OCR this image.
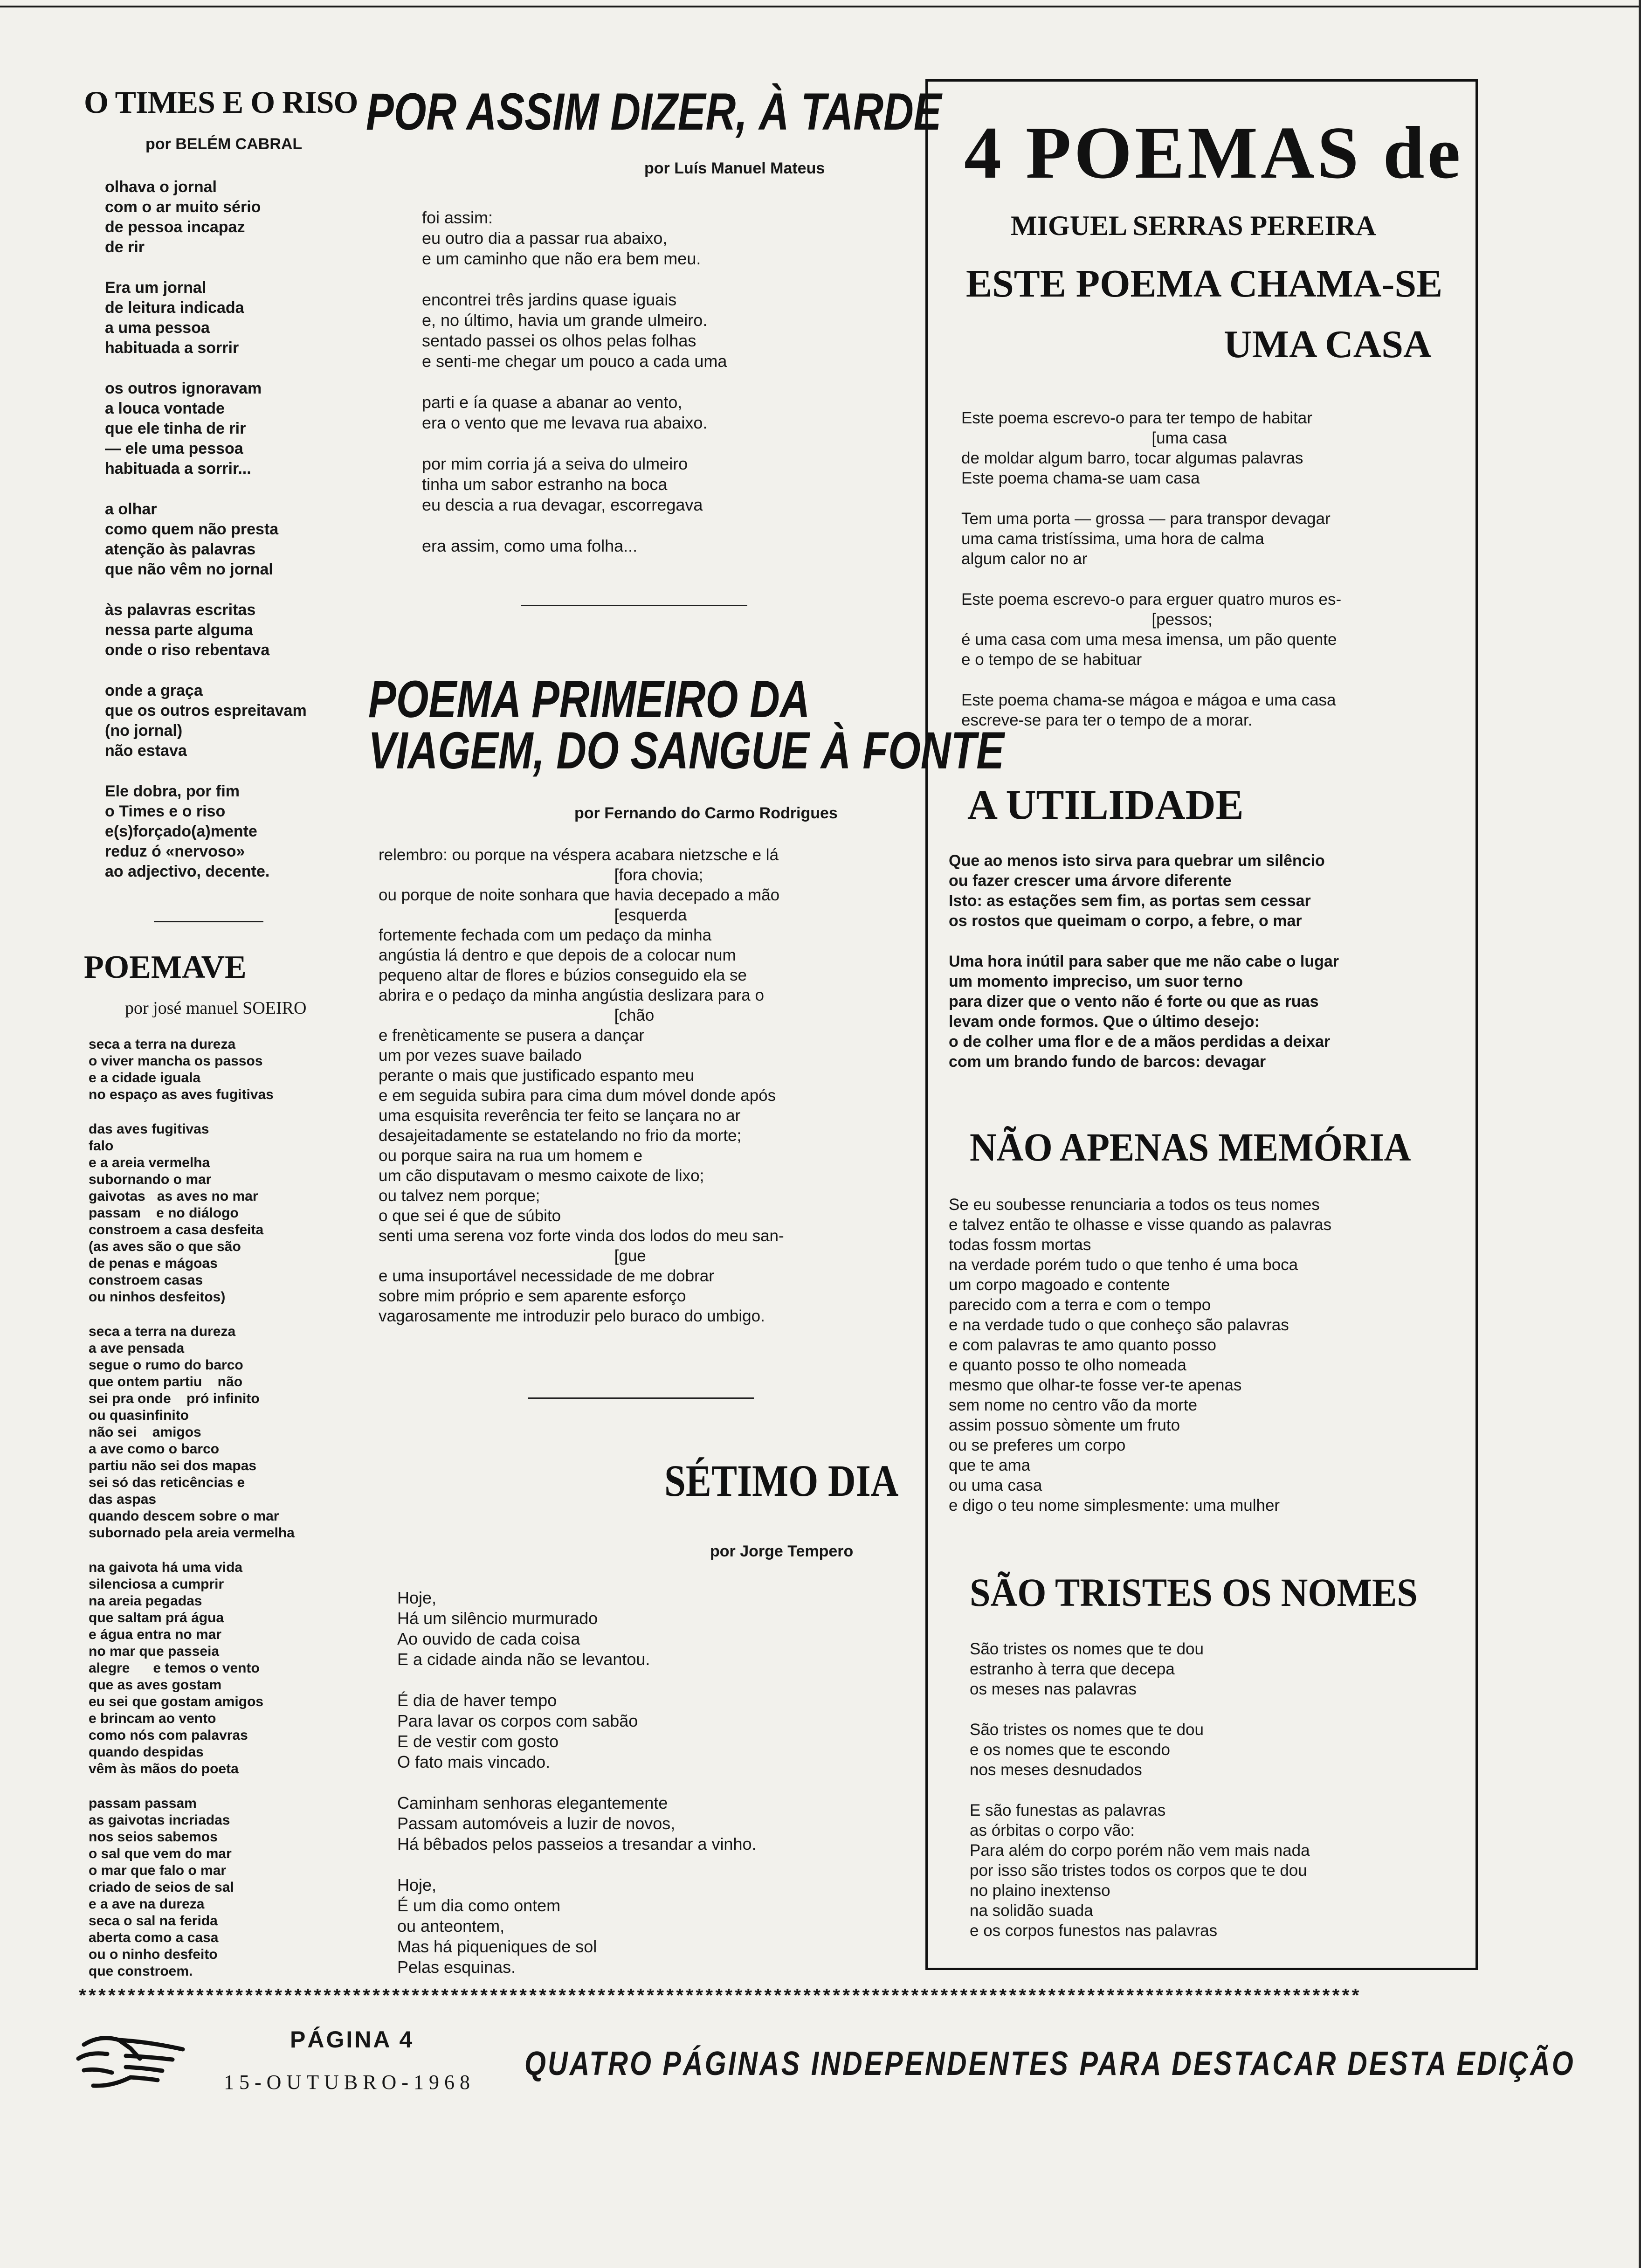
O TIMES E O RISO
por BELÉM CABRAL
olhava o jornal
com o ar muito sério
de pessoa incapaz
de rir
Era um jornal
de leitura indicada
a uma pessoa
habituada a sorrir
os outros ignoravam
a louca vontade
que ele tinha de rir
— ele uma pessoa
habituada a sorrir...
a olhar
como quem não presta
atenção às palavras
que não vêm no jornal
às palavras escritas
nessa parte alguma
onde o riso rebentava
onde a graça
que os outros espreitavam
(no jornal)
não estava
Ele dobra, por fim
o Times e o riso
e(s)forçado(a)mente
reduz ó «nervoso»
ao adjectivo, decente.
POEMAVE
por josé manuel SOEIRO
seca a terra na dureza
o viver mancha os passos
e a cidade iguala
no espaço as aves fugitivas
das aves fugitivas
falo
e a areia vermelha
subornando o mar
gaivotas   as aves no mar
passam    e no diálogo
constroem a casa desfeita
(as aves são o que são
de penas e mágoas
constroem casas
ou ninhos desfeitos)
seca a terra na dureza
a ave pensada
segue o rumo do barco
que ontem partiu    não
sei pra onde    pró infinito
ou quasinfinito
não sei    amigos
a ave como o barco
partiu não sei dos mapas
sei só das reticências e
das aspas
quando descem sobre o mar
subornado pela areia vermelha
na gaivota há uma vida
silenciosa a cumprir
na areia pegadas
que saltam prá água
e água entra no mar
no mar que passeia
alegre      e temos o vento
que as aves gostam
eu sei que gostam amigos
e brincam ao vento
como nós com palavras
quando despidas
vêm às mãos do poeta
passam passam
as gaivotas incriadas
nos seios sabemos
o sal que vem do mar
o mar que falo o mar
criado de seios de sal
e a ave na dureza
seca o sal na ferida
aberta como a casa
ou o ninho desfeito
que constroem.
POR ASSIM DIZER, À TARDE
por Luís Manuel Mateus
foi assim:
eu outro dia a passar rua abaixo,
e um caminho que não era bem meu.
encontrei três jardins quase iguais
e, no último, havia um grande ulmeiro.
sentado passei os olhos pelas folhas
e senti-me chegar um pouco a cada uma
parti e ía quase a abanar ao vento,
era o vento que me levava rua abaixo.
por mim corria já a seiva do ulmeiro
tinha um sabor estranho na boca
eu descia a rua devagar, escorregava
era assim, como uma folha...
POEMA PRIMEIRO DA
VIAGEM, DO SANGUE À FONTE
por Fernando do Carmo Rodrigues
relembro: ou porque na véspera acabara nietzsche e lá
[fora chovia;
ou porque de noite sonhara que havia decepado a mão
[esquerda
fortemente fechada com um pedaço da minha
angústia lá dentro e que depois de a colocar num
pequeno altar de flores e búzios conseguido ela se
abrira e o pedaço da minha angústia deslizara para o
[chão
e frenèticamente se pusera a dançar
um por vezes suave bailado
perante o mais que justificado espanto meu
e em seguida subira para cima dum móvel donde após
uma esquisita reverência ter feito se lançara no ar
desajeitadamente se estatelando no frio da morte;
ou porque saira na rua um homem e
um cão disputavam o mesmo caixote de lixo;
ou talvez nem porque;
o que sei é que de súbito
senti uma serena voz forte vinda dos lodos do meu san-
[gue
e uma insuportável necessidade de me dobrar
sobre mim próprio e sem aparente esforço
vagarosamente me introduzir pelo buraco do umbigo.
SÉTIMO DIA
por Jorge Tempero
Hoje,
Há um silêncio murmurado
Ao ouvido de cada coisa
E a cidade ainda não se levantou.
É dia de haver tempo
Para lavar os corpos com sabão
E de vestir com gosto
O fato mais vincado.
Caminham senhoras elegantemente
Passam automóveis a luzir de novos,
Há bêbados pelos passeios a tresandar a vinho.
Hoje,
É um dia como ontem
ou anteontem,
Mas há piqueniques de sol
Pelas esquinas.
4 POEMAS de
MIGUEL SERRAS PEREIRA
ESTE POEMA CHAMA-SE
UMA CASA
Este poema escrevo-o para ter tempo de habitar
[uma casa
de moldar algum barro, tocar algumas palavras
Este poema chama-se uam casa
Tem uma porta — grossa — para transpor devagar
uma cama tristíssima, uma hora de calma
algum calor no ar
Este poema escrevo-o para erguer quatro muros es-
[pessos;
é uma casa com uma mesa imensa, um pão quente
e o tempo de se habituar
Este poema chama-se mágoa e mágoa e uma casa
escreve-se para ter o tempo de a morar.
A UTILIDADE
Que ao menos isto sirva para quebrar um silêncio
ou fazer crescer uma árvore diferente
Isto: as estações sem fim, as portas sem cessar
os rostos que queimam o corpo, a febre, o mar
Uma hora inútil para saber que me não cabe o lugar
um momento impreciso, um suor terno
para dizer que o vento não é forte ou que as ruas
levam onde formos. Que o último desejo:
o de colher uma flor e de a mãos perdidas a deixar
com um brando fundo de barcos: devagar
NÃO APENAS MEMÓRIA
Se eu soubesse renunciaria a todos os teus nomes
e talvez então te olhasse e visse quando as palavras
todas fossm mortas
na verdade porém tudo o que tenho é uma boca
um corpo magoado e contente
parecido com a terra e com o tempo
e na verdade tudo o que conheço são palavras
e com palavras te amo quanto posso
e quanto posso te olho nomeada
mesmo que olhar-te fosse ver-te apenas
sem nome no centro vão da morte
assim possuo sòmente um fruto
ou se preferes um corpo
que te ama
ou uma casa
e digo o teu nome simplesmente: uma mulher
SÃO TRISTES OS NOMES
São tristes os nomes que te dou
estranho à terra que decepa
os meses nas palavras
São tristes os nomes que te dou
e os nomes que te escondo
nos meses desnudados
E são funestas as palavras
as órbitas o corpo vão:
Para além do corpo porém não vem mais nada
por isso são tristes todos os corpos que te dou
no plaino inextenso
na solidão suada
e os corpos funestos nas palavras
***********************************************************************************************************************************
PÁGINA 4
15-OUTUBRO-1968 QUATRO PÁGINAS INDEPENDENTES PARA DESTACAR DESTA EDIÇÃO
